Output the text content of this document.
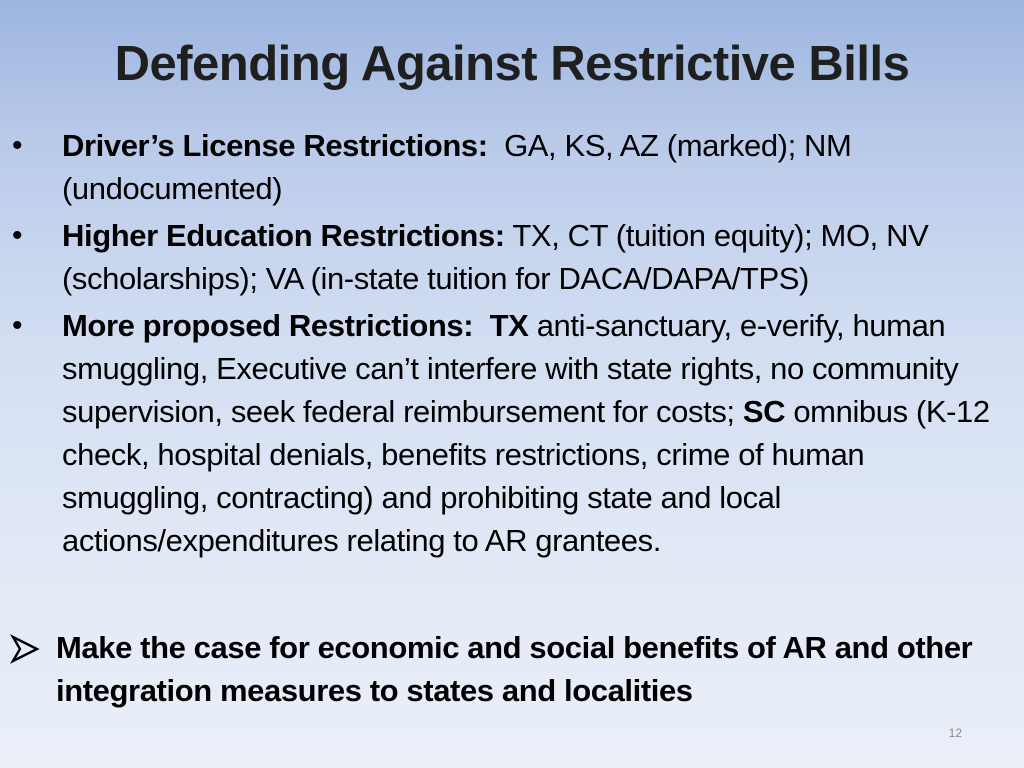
Defending Against Restrictive Bills
• Driver’s License Restrictions: GA, KS, AZ (marked); NM (undocumented)
• Higher Education Restrictions: TX, CT (tuition equity); MO, NV (scholarships); VA (in-state tuition for DACA/DAPA/TPS)
• More proposed Restrictions: TX anti-sanctuary, e-verify, human smuggling, Executive can’t interfere with state rights, no community supervision, seek federal reimbursement for costs; SC omnibus (K-12 check, hospital denials, benefits restrictions, crime of human smuggling, contracting) and prohibiting state and local actions/expenditures relating to AR grantees.
Make the case for economic and social benefits of AR and other integration measures to states and localities
12
